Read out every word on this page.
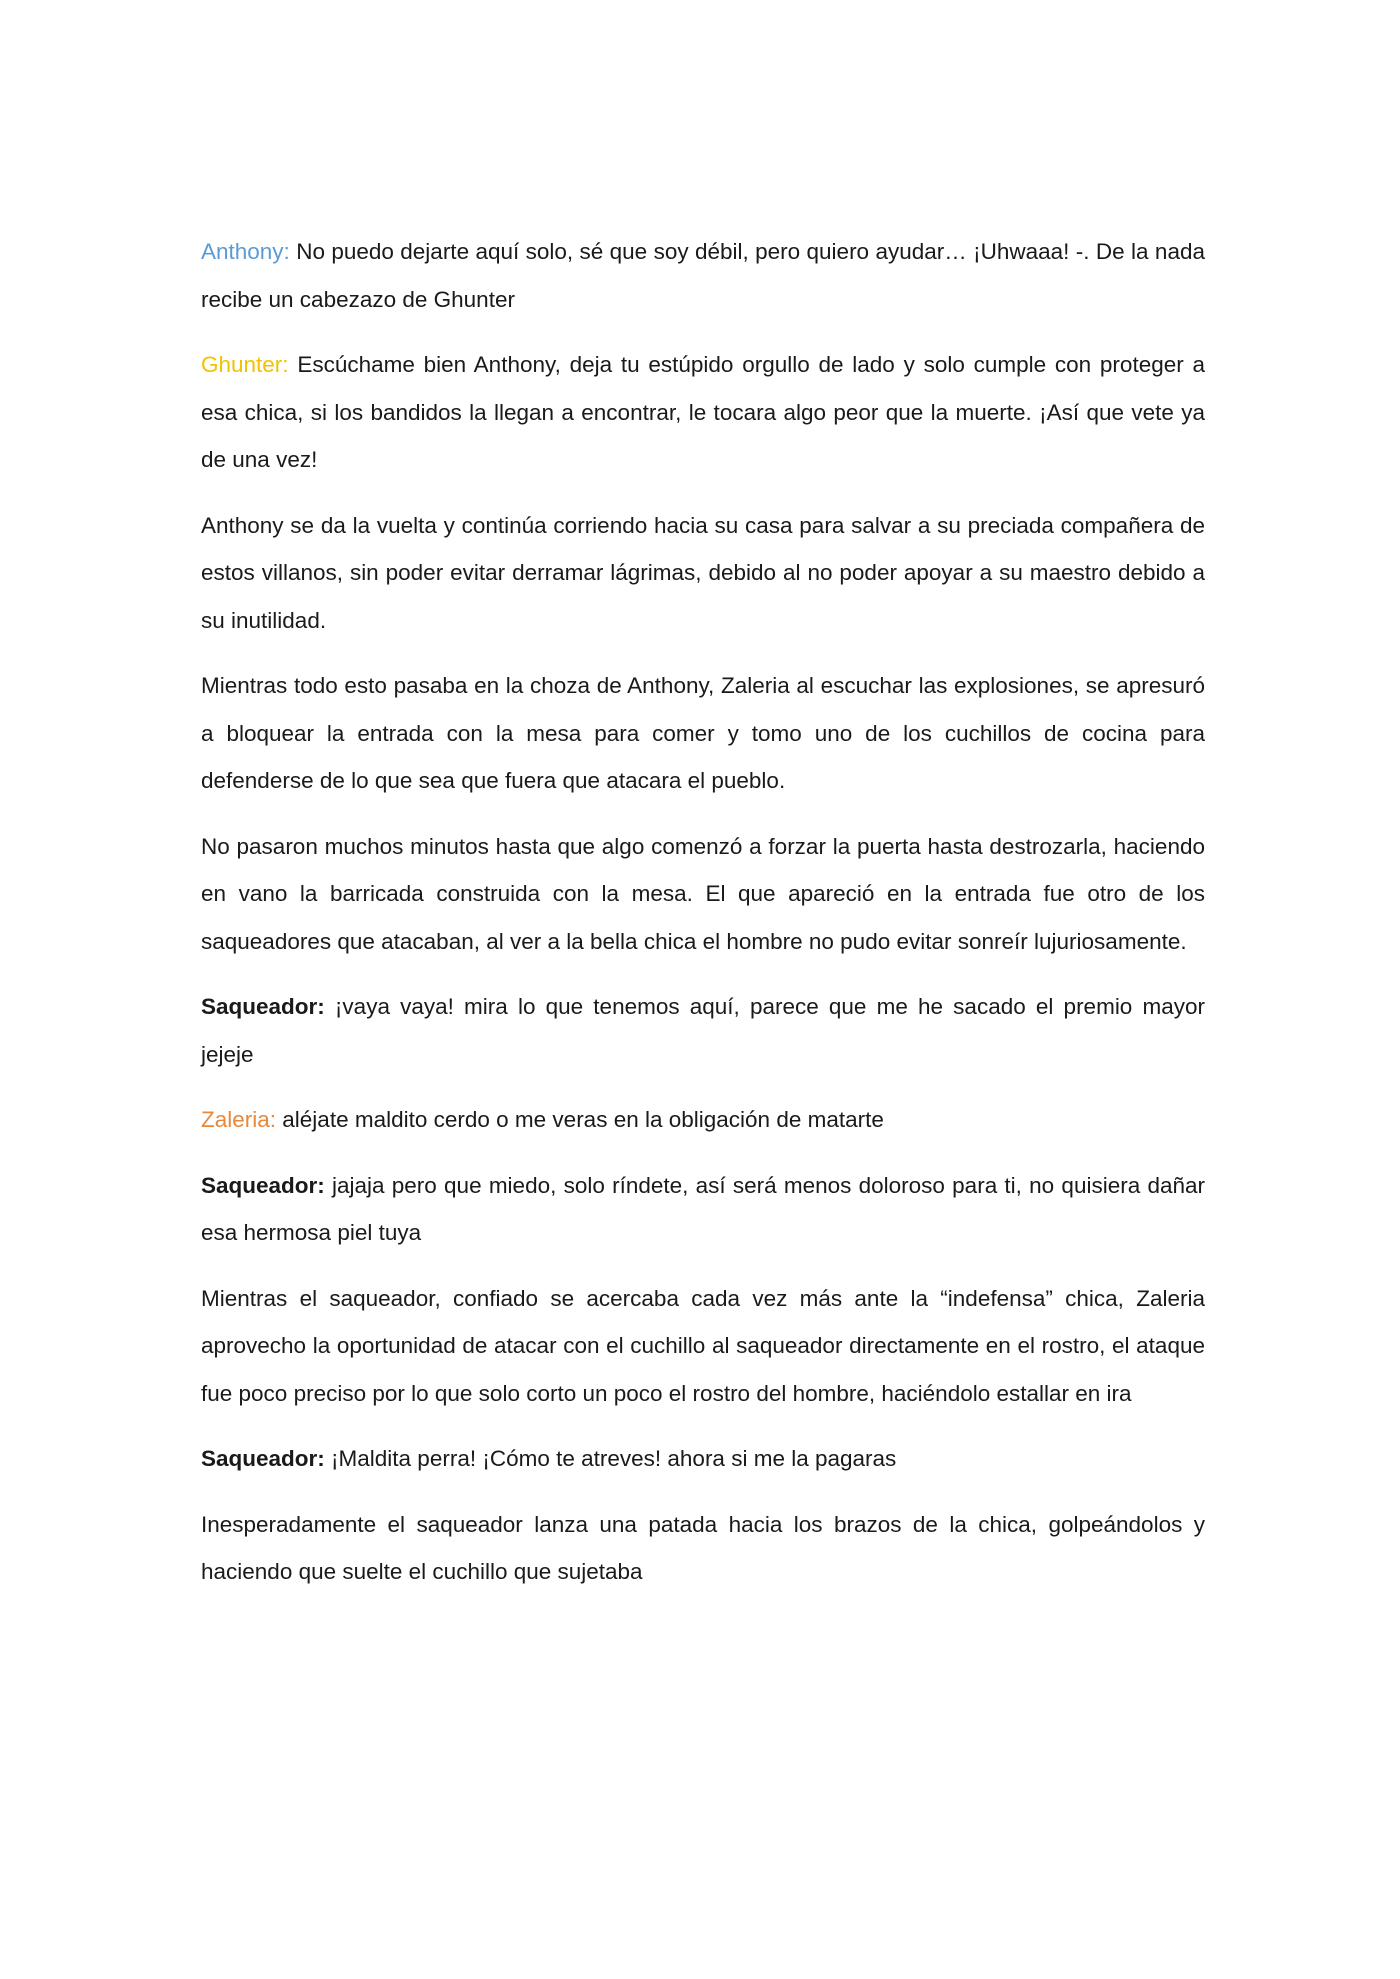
Anthony: No puedo dejarte aquí solo, sé que soy débil, pero quiero ayudar… ¡Uhwaaa! -. De la nada recibe un cabezazo de Ghunter

Ghunter: Escúchame bien Anthony, deja tu estúpido orgullo de lado y solo cumple con proteger a esa chica, si los bandidos la llegan a encontrar, le tocara algo peor que la muerte. ¡Así que vete ya de una vez!

Anthony se da la vuelta y continúa corriendo hacia su casa para salvar a su preciada compañera de estos villanos, sin poder evitar derramar lágrimas, debido al no poder apoyar a su maestro debido a su inutilidad.

Mientras todo esto pasaba en la choza de Anthony, Zaleria al escuchar las explosiones, se apresuró a bloquear la entrada con la mesa para comer y tomo uno de los cuchillos de cocina para defenderse de lo que sea que fuera que atacara el pueblo.

No pasaron muchos minutos hasta que algo comenzó a forzar la puerta hasta destrozarla, haciendo en vano la barricada construida con la mesa. El que apareció en la entrada fue otro de los saqueadores que atacaban, al ver a la bella chica el hombre no pudo evitar sonreír lujuriosamente.

Saqueador: ¡vaya vaya! mira lo que tenemos aquí, parece que me he sacado el premio mayor jejeje

Zaleria: aléjate maldito cerdo o me veras en la obligación de matarte

Saqueador: jajaja pero que miedo, solo ríndete, así será menos doloroso para ti, no quisiera dañar esa hermosa piel tuya

Mientras el saqueador, confiado se acercaba cada vez más ante la “indefensa” chica, Zaleria aprovecho la oportunidad de atacar con el cuchillo al saqueador directamente en el rostro, el ataque fue poco preciso por lo que solo corto un poco el rostro del hombre, haciéndolo estallar en ira

Saqueador: ¡Maldita perra! ¡Cómo te atreves! ahora si me la pagaras

Inesperadamente el saqueador lanza una patada hacia los brazos de la chica, golpeándolos y haciendo que suelte el cuchillo que sujetaba
